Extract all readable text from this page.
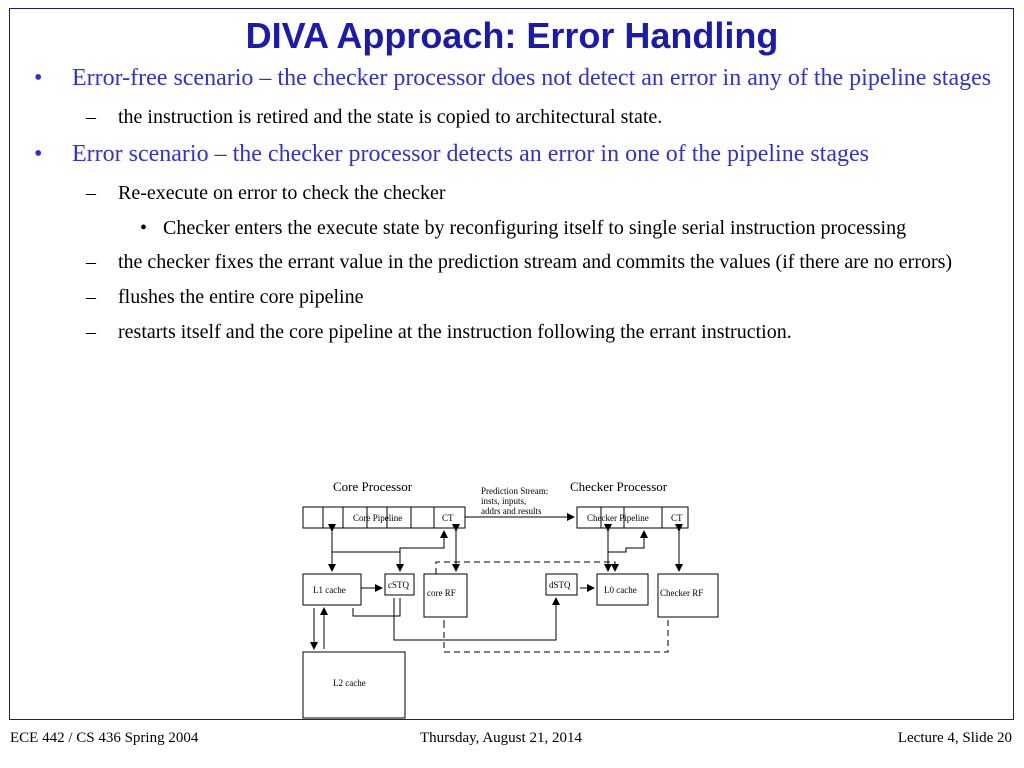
DIVA Approach: Error Handling
• Error-free scenario – the checker processor does not detect an error in any of the pipeline stages
– the instruction is retired and the state is copied to architectural state.
• Error scenario – the checker processor detects an error in one of the pipeline stages
– Re-execute on error to check the checker
• Checker enters the execute state by reconfiguring itself to single serial instruction processing
– the checker fixes the errant value in the prediction stream and commits the values (if there are no errors)
– flushes the entire core pipeline
– restarts itself and the core pipeline at the instruction following the errant instruction.
Core Processor	Checker Processor
Prediction Stream:
insts, inputs,
addrs and results
Core Pipeline	CT	Checker Pipeline CT
L1 cache	cSTQ
core RF
dSTQ	L0 cache	Checker RF
L2 cache
ECE 442 / CS 436 Spring 2004	Thursday, August 21, 2014	Lecture 4, Slide 20
